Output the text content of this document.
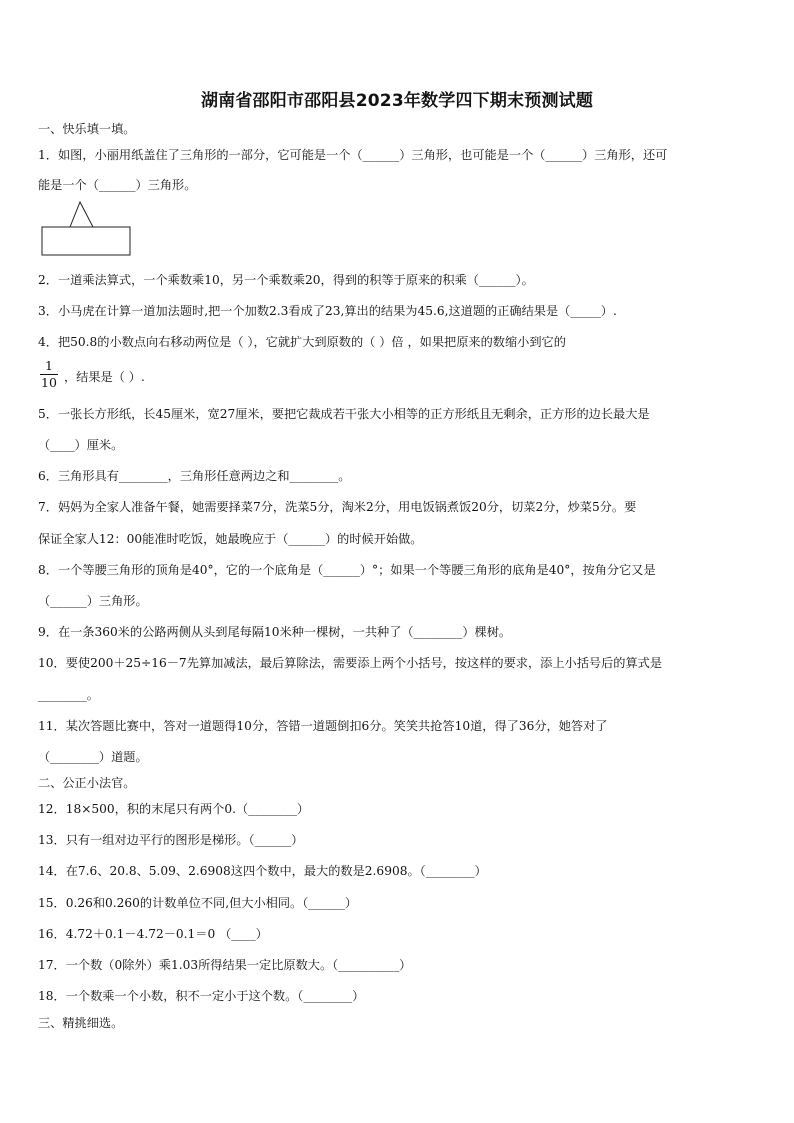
湖南省邵阳市邵阳县2023年数学四下期末预测试题
一、快乐填一填。
1．如图，小丽用纸盖住了三角形的一部分，它可能是一个（______）三角形，也可能是一个（______）三角形，还可
能是一个（______）三角形。
2．一道乘法算式，一个乘数乘10，另一个乘数乘20，得到的积等于原来的积乘（______）。
3．小马虎在计算一道加法题时,把一个加数2.3看成了23,算出的结果为45.6,这道题的正确结果是（_____）.
4．把50.8的小数点向右移动两位是（ ），它就扩大到原数的（ ）倍 ，如果把原来的数缩小到它的
$\frac{1}{10}$ ，结果是（ ）.
5．一张长方形纸，长45厘米，宽27厘米，要把它裁成若干张大小相等的正方形纸且无剩余，正方形的边长最大是
（____）厘米。
6．三角形具有________，三角形任意两边之和________。
7．妈妈为全家人准备午餐，她需要择菜7分，洗菜5分，淘米2分，用电饭锅煮饭20分，切菜2分，炒菜5分。要
保证全家人12：00能准时吃饭，她最晚应于（______）的时候开始做。
8．一个等腰三角形的顶角是40°，它的一个底角是（______）°；如果一个等腰三角形的底角是40°，按角分它又是
（______）三角形。
9．在一条360米的公路两侧从头到尾每隔10米种一棵树，一共种了（________）棵树。
10．要使200＋25÷16－7先算加减法，最后算除法，需要添上两个小括号，按这样的要求，添上小括号后的算式是
________。
11．某次答题比赛中，答对一道题得10分，答错一道题倒扣6分。笑笑共抢答10道，得了36分，她答对了
（________）道题。
二、公正小法官。
12．18×500，积的末尾只有两个0.（________）
13．只有一组对边平行的图形是梯形。（______）
14．在7.6、20.8、5.09、2.6908这四个数中，最大的数是2.6908。（________）
15．0.26和0.260的计数单位不同,但大小相同。（______）
16．4.72＋0.1－4.72－0.1＝0 （____）
17．一个数（0除外）乘1.03所得结果一定比原数大。（__________）
18．一个数乘一个小数，积不一定小于这个数。（________）
三、精挑细选。
